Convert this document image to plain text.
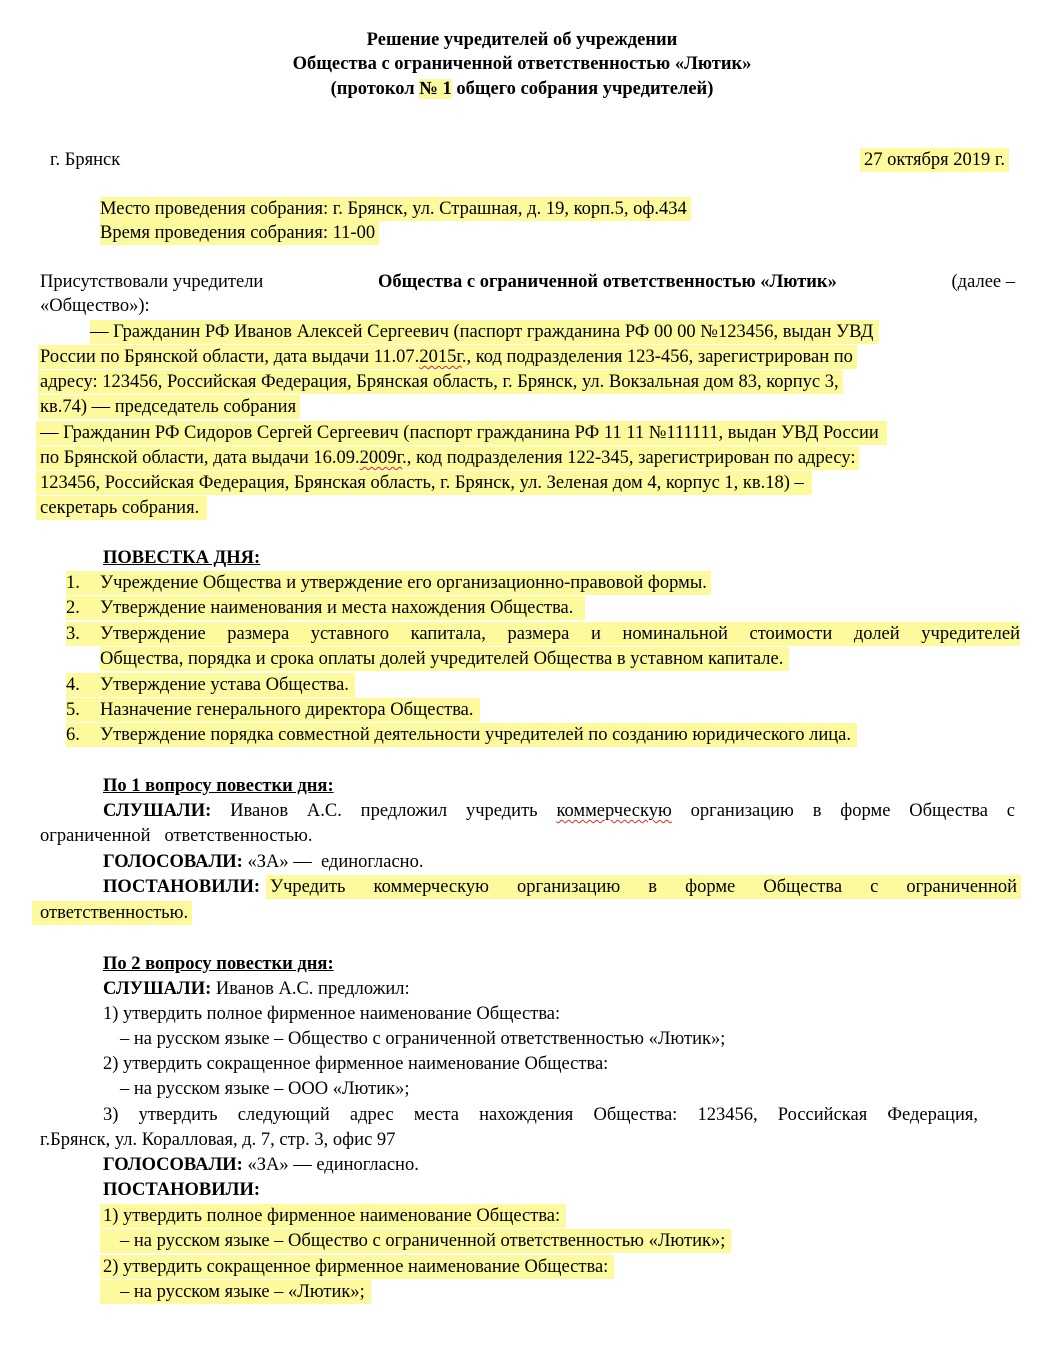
Решение учредителей об учреждении
Общества с ограниченной ответственностью «Лютик»
(протокол № 1 общего собрания учредителей)
г. Брянск	27 октября 2019 г.
Место проведения собрания: г. Брянск, ул. Страшная, д. 19, корп.5, оф.434
Время проведения собрания: 11-00
Присутствовали учредители	Общества с ограниченной ответственностью «Лютик»	(далее –
«Общество»):
— Гражданин РФ Иванов Алексей Сергеевич (паспорт гражданина РФ 00 00 №123456, выдан УВД
России по Брянской области, дата выдачи 11.07.2015г., код подразделения 123-456, зарегистрирован по
адресу: 123456, Российская Федерация, Брянская область, г. Брянск, ул. Вокзальная дом 83, корпус 3,
кв.74) — председатель собрания
— Гражданин РФ Сидоров Сергей Сергеевич (паспорт гражданина РФ 11 11 №111111, выдан УВД России
по Брянской области, дата выдачи 16.09.2009г., код подразделения 122-345, зарегистрирован по адресу:
123456, Российская Федерация, Брянская область, г. Брянск, ул. Зеленая дом 4, корпус 1, кв.18) –
секретарь собрания.
ПОВЕСТКА ДНЯ:
1. Учреждение Общества и утверждение его организационно-правовой формы.
2. Утверждение наименования и места нахождения Общества.
3. Утверждение размера уставного капитала, размера и номинальной стоимости долей учредителей
Общества, порядка и срока оплаты долей учредителей Общества в уставном капитале.
4. Утверждение устава Общества.
5. Назначение генерального директора Общества.
6. Утверждение порядка совместной деятельности учредителей по созданию юридического лица.
По 1 вопросу повестки дня:
СЛУШАЛИ: Иванов А.С. предложил учредить коммерческую организацию в форме Общества с
ограниченной   ответственностью.
ГОЛОСОВАЛИ: «ЗА» —  единогласно.
ПОСТАНОВИЛИ: Учредить коммерческую организацию в форме Общества с ограниченной
ответственностью.
По 2 вопросу повестки дня:
СЛУШАЛИ: Иванов А.С. предложил:
1) утвердить полное фирменное наименование Общества:
– на русском языке – Общество с ограниченной ответственностью «Лютик»;
2) утвердить сокращенное фирменное наименование Общества:
– на русском языке – ООО «Лютик»;
3) утвердить следующий адрес места нахождения Общества: 123456, Российская Федерация,
г.Брянск, ул. Коралловая, д. 7, стр. 3, офис 97
ГОЛОСОВАЛИ: «ЗА» — единогласно.
ПОСТАНОВИЛИ:
1) утвердить полное фирменное наименование Общества:
– на русском языке – Общество с ограниченной ответственностью «Лютик»;
2) утвердить сокращенное фирменное наименование Общества:
– на русском языке – «Лютик»;
